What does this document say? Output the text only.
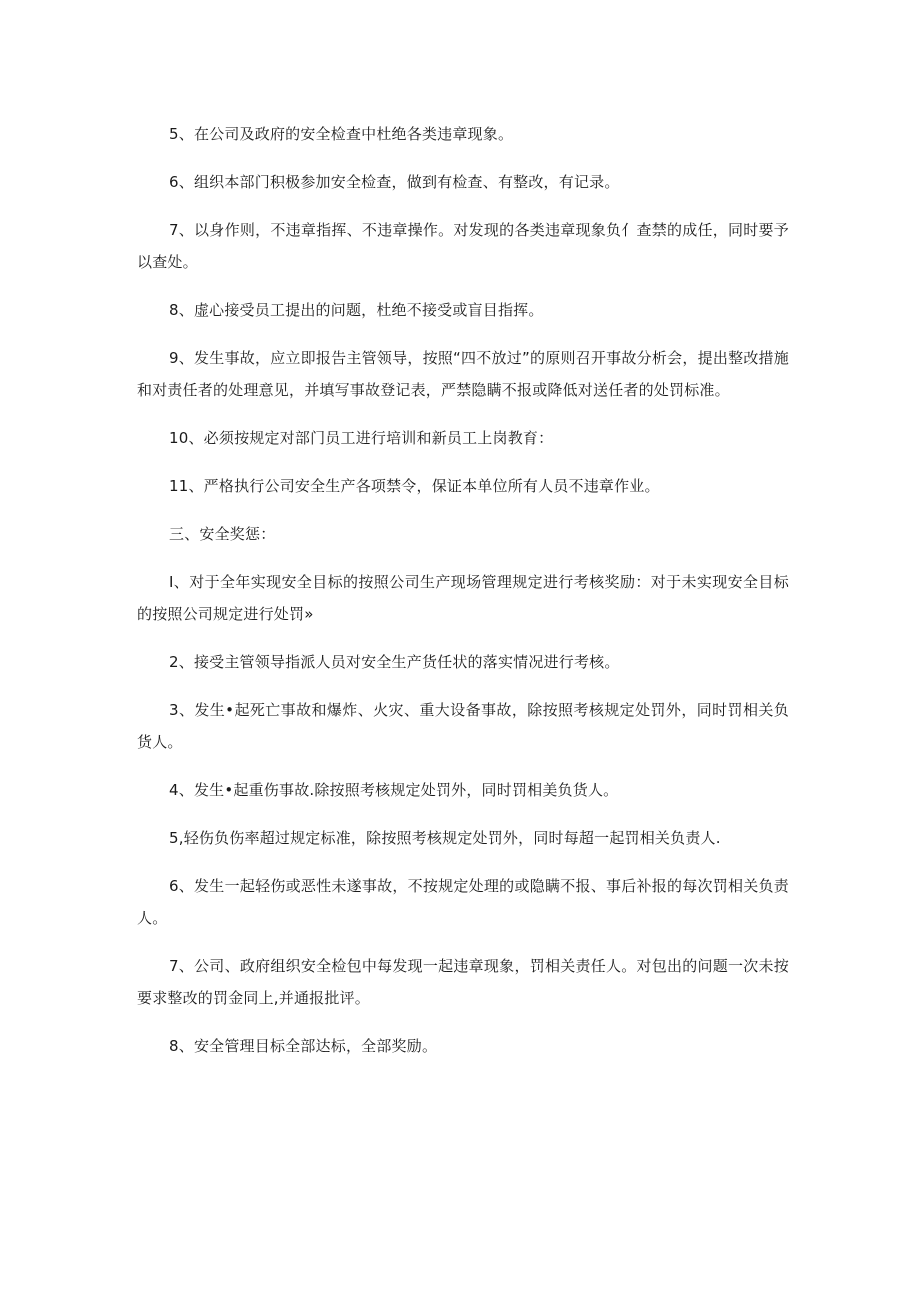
5、在公司及政府的安全检查中杜绝各类违章现象。

6、组织本部门积极参加安全检查，做到有检查、有整改，有记录。

7、以身作则，不违章指挥、不违章操作。对发现的各类违章现象负亻查禁的成任，同时要予以查处。

8、虚心接受员工提出的问题，杜绝不接受或盲目指挥。

9、发生事故，应立即报告主管领导，按照“四不放过”的原则召开事故分析会，提出整改措施和对责任者的处理意见，并填写事故登记表，严禁隐瞒不报或降低对送任者的处罚标准。

10、必须按规定对部门员工进行培训和新员工上岗教育：

11、严格执行公司安全生产各项禁令，保证本单位所有人员不违章作业。

三、安全奖惩：

I、对于全年实现安全目标的按照公司生产现场管理规定进行考核奖励：对于未实现安全目标的按照公司规定进行处罚»

2、接受主管领导指派人员对安全生产货任状的落实情况进行考核。

3、发生•起死亡事故和爆炸、火灾、重大设备事故，除按照考核规定处罚外，同时罚相关负货人。

4、发生•起重伤事故.除按照考核规定处罚外，同时罚相美负货人。

5,轻伤负伤率超过规定标准，除按照考核规定处罚外，同时每超一起罚相关负责人.

6、发生一起轻伤或恶性未遂事故，不按规定处理的或隐瞒不报、事后补报的每次罚相关负责人。

7、公司、政府组织安全检包中每发现一起违章现象，罚相关责任人。对包出的问题一次未按要求整改的罚金同上,并通报批评。

8、安全管理目标全部达标，全部奖励。
